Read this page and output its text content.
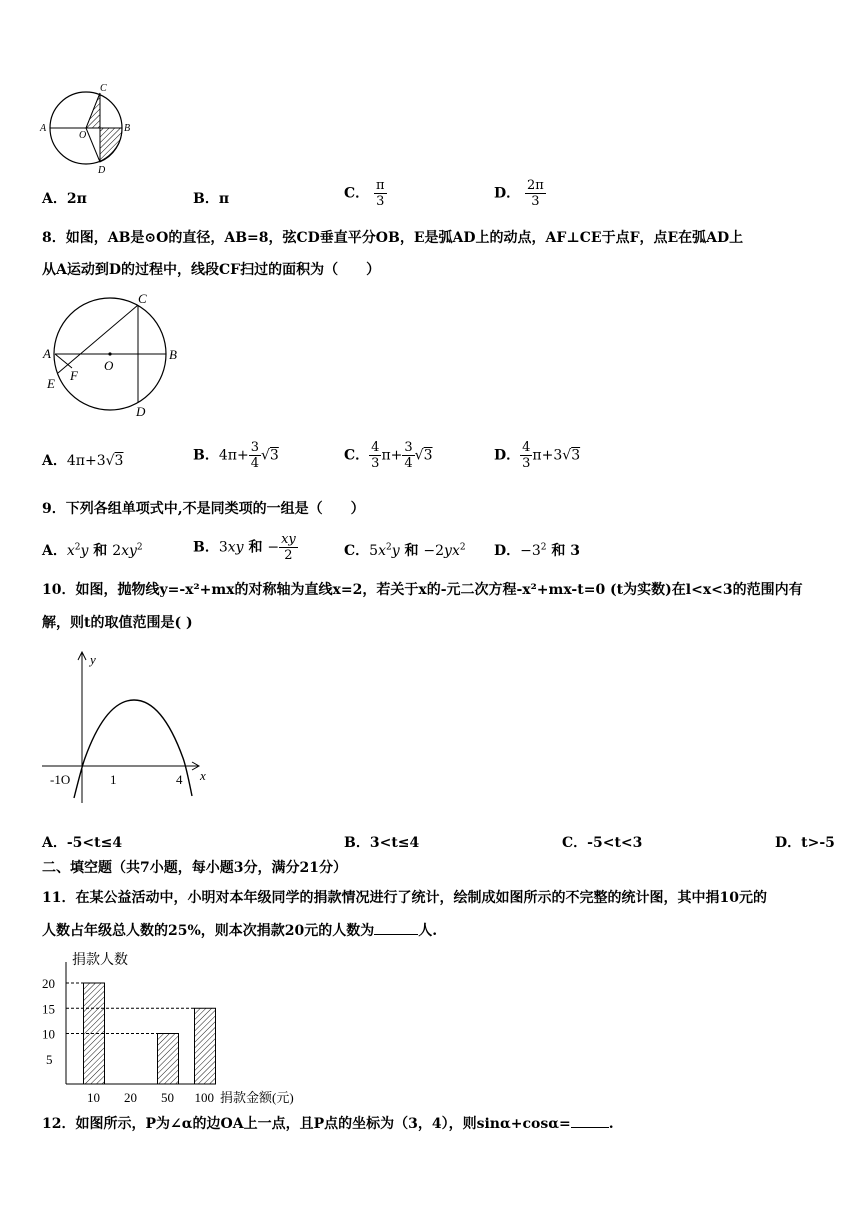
A
O
B
C
D
A．2π	B．π	C． $\frac{\pi}{3}$	D． $\frac{2\pi}{3}$
8．如图，AB是⊙O的直径，AB=8，弦CD垂直平分OB，E是弧AD上的动点，AF⊥CE于点F，点E在弧AD上
从A运动到D的过程中，线段CF扫过的面积为（　　）
A
O
B
C
D
E
F
A．4π+3√3	B．$4\pi+ \frac{3}{4} √3$	C． $\frac{4}{3} \pi+ \frac{3}{4} √3$	D． $\frac{4}{3} \pi+3√3$
9．下列各组单项式中,不是同类项的一组是（　　）
A．$x^2y$ 和 $2xy^2$	B．3xy 和 − $\frac{xy}{2}$	C．$5x^2y$ 和 $-2yx^2$ D．$-3^2$ 和 3
10．如图，抛物线y=-x²+mx的对称轴为直线x=2，若关于x的-元二次方程-x²+mx-t=0 (t为实数)在l<x<3的范围内有
解，则t的取值范围是( )
y
x
-1O	1	4
A．-5<t≤4	B．3<t≤4	C．-5<t<3	D．t>-5
二、填空题（共7小题，每小题3分，满分21分）
11．在某公益活动中，小明对本年级同学的捐款情况进行了统计，绘制成如图所示的不完整的统计图，其中捐10元的
人数占年级总人数的25%，则本次捐款20元的人数为	人.
5
10
15
20
10 20 50 100
捐款人数
捐款金额(元)
12．如图所示，P为∠α的边OA上一点，且P点的坐标为（3，4），则sinα+cosα=	.
